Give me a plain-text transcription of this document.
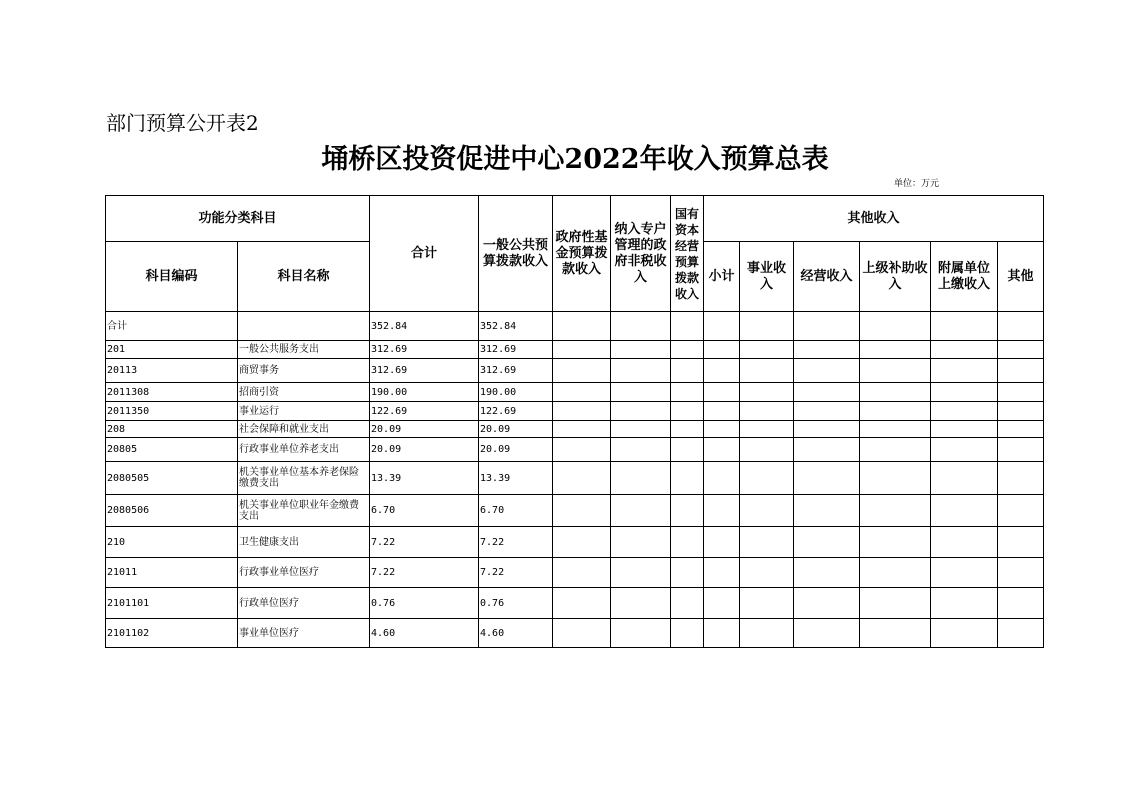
部门预算公开表2
埇桥区投资促进中心2022年收入预算总表
单位：万元
功能分类科目		合计	一般公共预算拨款收入	政府性基金预算拨款收入	纳入专户管理的政府非税收入	国有资本经营预算拨款收入	其他收入					
科目编码	科目名称						小计	事业收入	经营收入	上级补助收入	附属单位上缴收入	其他
合计		352.84	352.84									
201	一般公共服务支出	312.69	312.69									
20113	商贸事务	312.69	312.69									
2011308	招商引资	190.00	190.00									
2011350	事业运行	122.69	122.69									
208	社会保障和就业支出	20.09	20.09									
20805	行政事业单位养老支出	20.09	20.09									
2080505	机关事业单位基本养老保险缴费支出	13.39	13.39									
2080506	机关事业单位职业年金缴费支出	6.70	6.70									
210	卫生健康支出	7.22	7.22									
21011	行政事业单位医疗	7.22	7.22									
2101101	行政单位医疗	0.76	0.76									
2101102	事业单位医疗	4.60	4.60									
